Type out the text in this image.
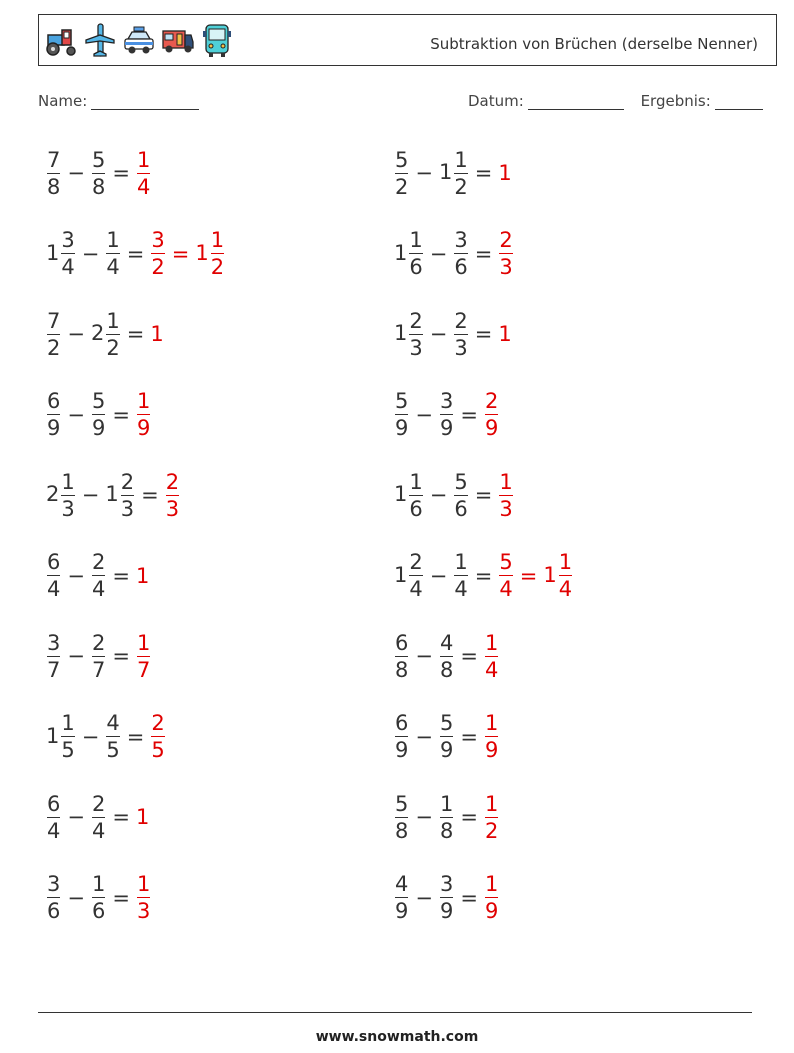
Subtraktion von Brüchen (derselbe Nenner)
Name:	Datum:	Ergebnis:
$\frac{7}{8} - \frac{5}{8} = \frac{1}{4}$	$\frac{5}{2} - 1 \frac{1}{2} = 1$
$1 \frac{3}{4} - \frac{1}{4} = \frac{3}{2} = 1 \frac{1}{2}$	$1 \frac{1}{6} - \frac{3}{6} = \frac{2}{3}$
$\frac{7}{2} - 2 \frac{1}{2} = 1$	$1 \frac{2}{3} - \frac{2}{3} = 1$
$\frac{6}{9} - \frac{5}{9} = \frac{1}{9}$	$\frac{5}{9} - \frac{3}{9} = \frac{2}{9}$
$2 \frac{1}{3} - 1 \frac{2}{3} = \frac{2}{3}$	$1 \frac{1}{6} - \frac{5}{6} = \frac{1}{3}$
$\frac{6}{4} - \frac{2}{4} = 1$	$1 \frac{2}{4} - \frac{1}{4} = \frac{5}{4} = 1 \frac{1}{4}$
$\frac{3}{7} - \frac{2}{7} = \frac{1}{7}$	$\frac{6}{8} - \frac{4}{8} = \frac{1}{4}$
$1 \frac{1}{5} - \frac{4}{5} = \frac{2}{5}$	$\frac{6}{9} - \frac{5}{9} = \frac{1}{9}$
$\frac{6}{4} - \frac{2}{4} = 1$	$\frac{5}{8} - \frac{1}{8} = \frac{1}{2}$
$\frac{3}{6} - \frac{1}{6} = \frac{1}{3}$	$\frac{4}{9} - \frac{3}{9} = \frac{1}{9}$
www.snowmath.com
